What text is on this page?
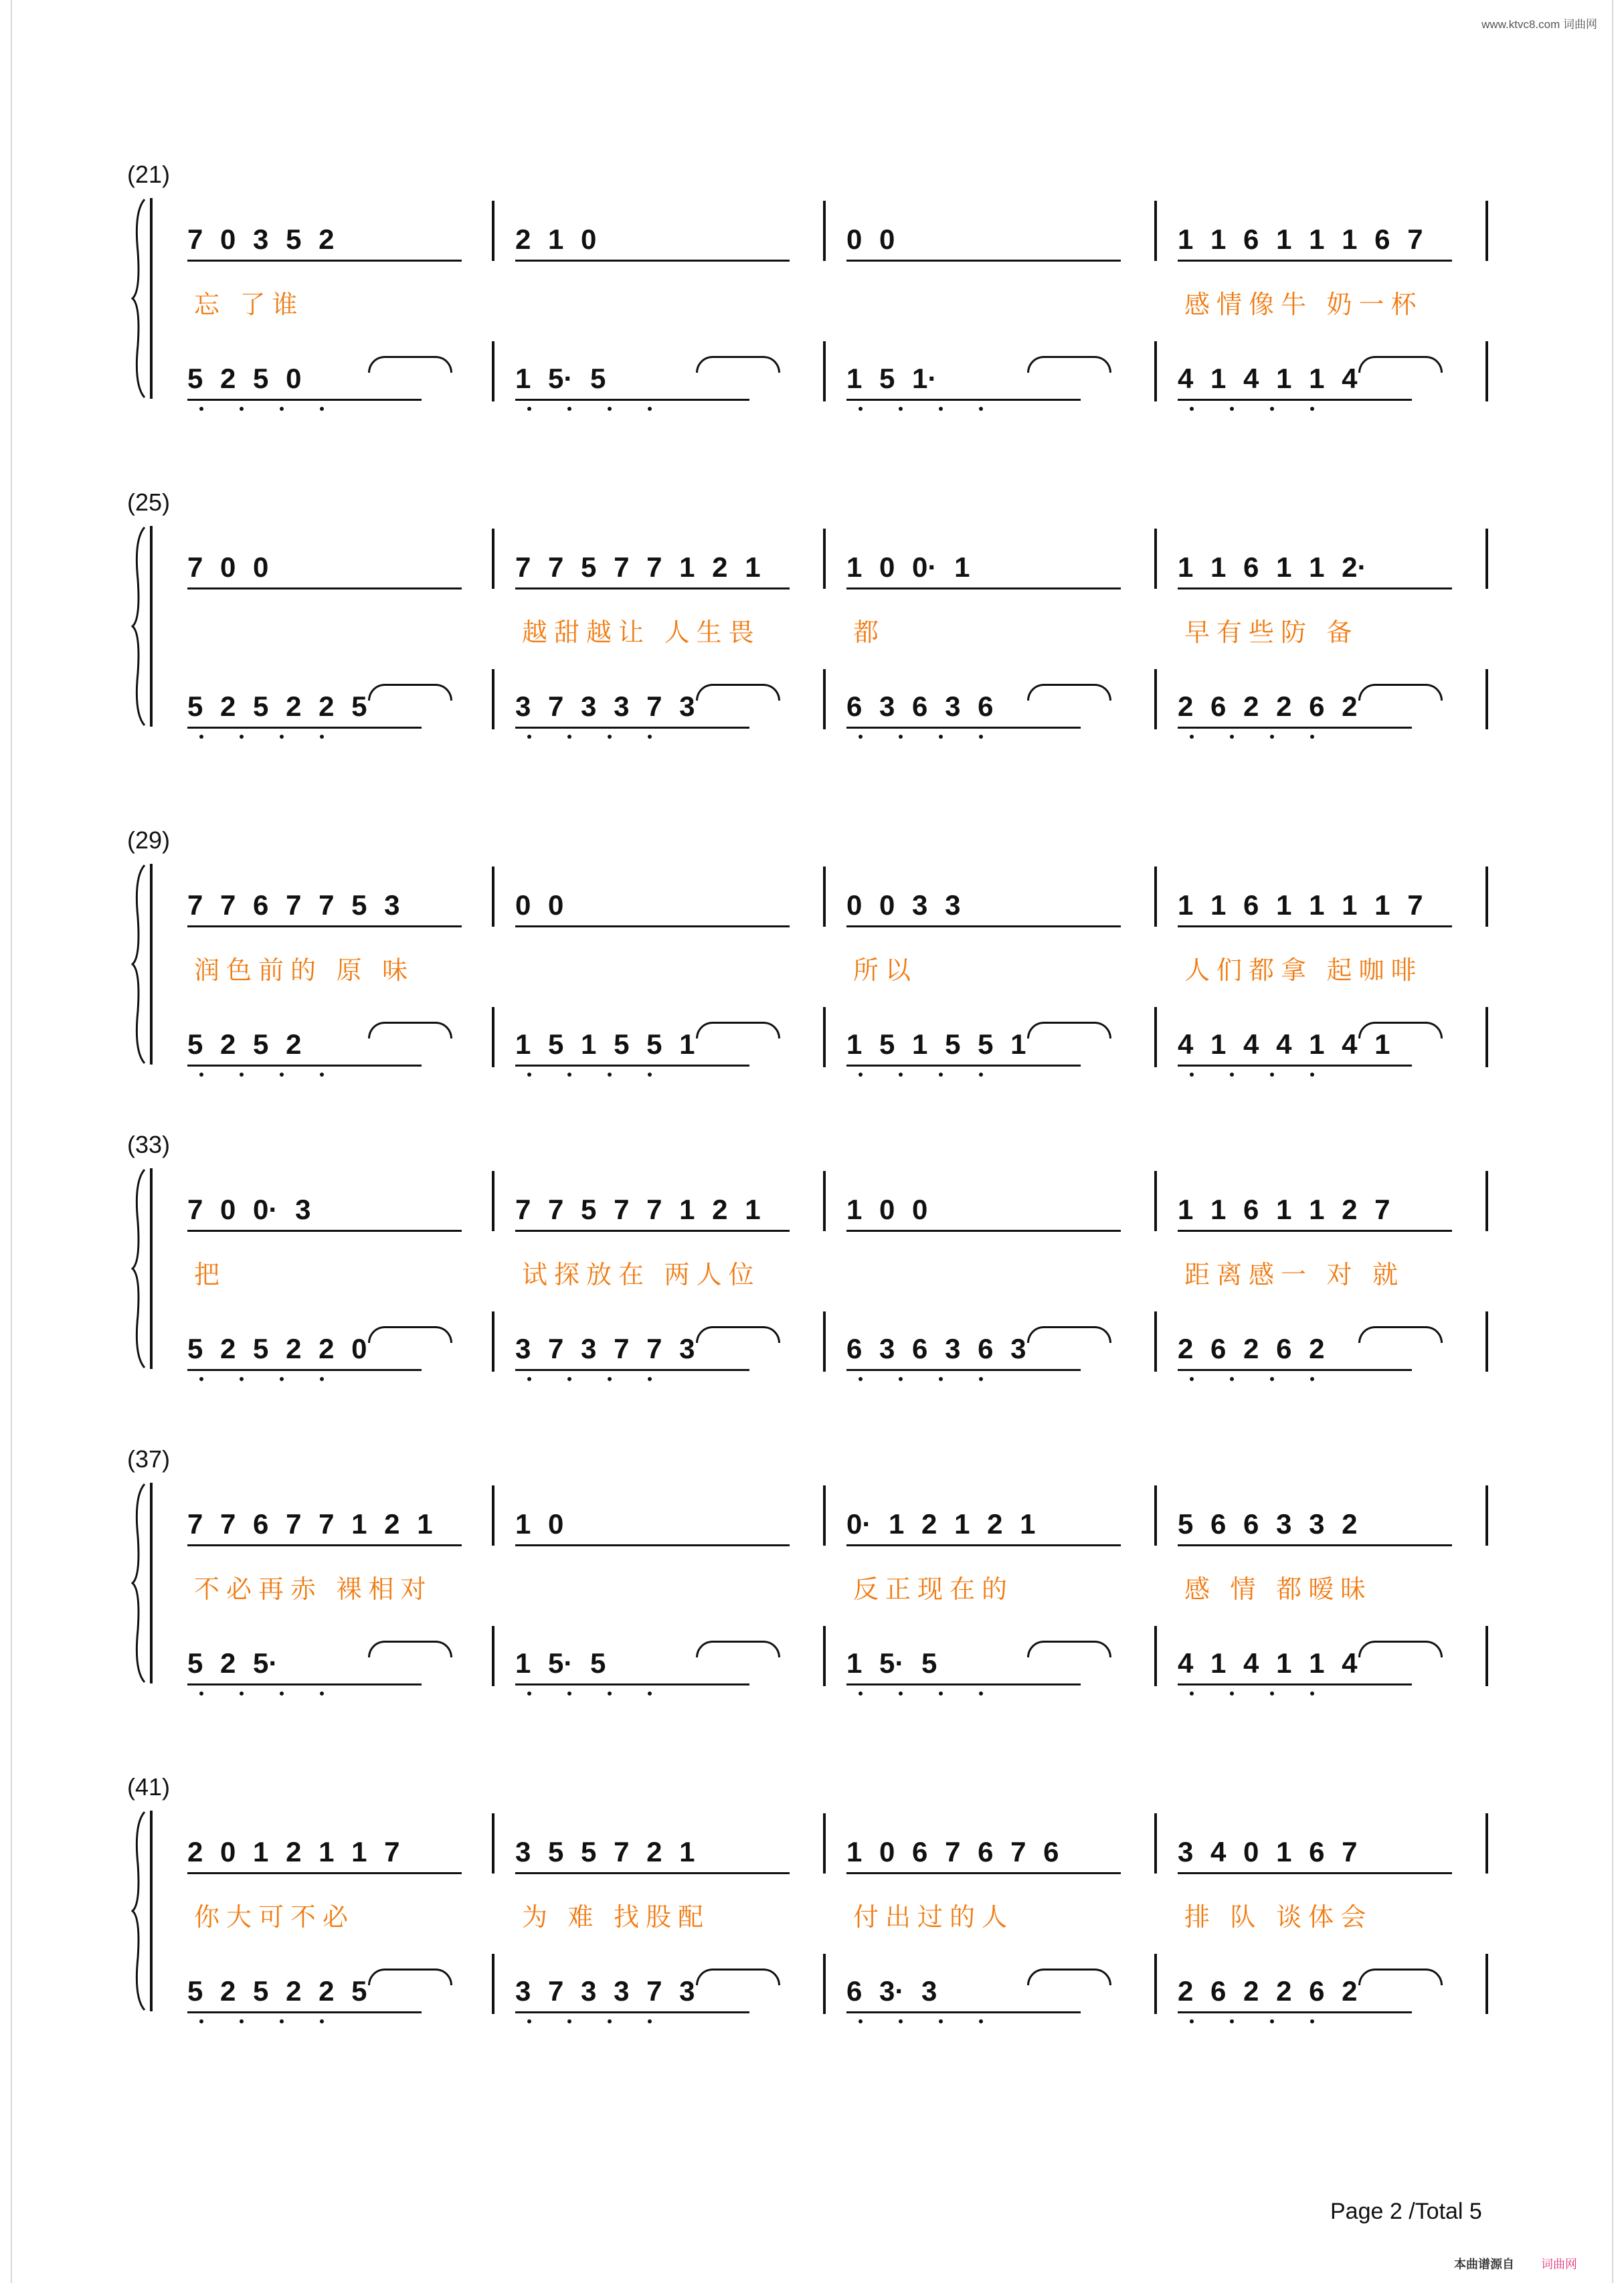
www.ktvc8.com 词曲网
(21)
7 0 3 5 2
忘 了谁
5 2 5 0
2 1 0
1 5· 5
0 0
1 5 1·
1 1 6 1 1 1 6 7
感情像牛 奶一杯
4 1 4 1 1 4
(25)
7 0 0
5 2 5 2 2 5
7 7 5 7 7 1 2 1
越甜越让 人生畏
3 7 3 3 7 3
1 0 0· 1
都
6 3 6 3 6
1 1 6 1 1 2·
早有些防 备
2 6 2 2 6 2
(29)
7 7 6 7 7 5 3
润色前的 原 味
5 2 5 2
0 0
1 5 1 5 5 1
0 0 3 3
所以
1 5 1 5 5 1
1 1 6 1 1 1 1 7
人们都拿 起咖啡
4 1 4 4 1 4 1
(33)
7 0 0· 3
把
5 2 5 2 2 0
7 7 5 7 7 1 2 1
试探放在 两人位
3 7 3 7 7 3
1 0 0
6 3 6 3 6 3
1 1 6 1 1 2 7
距离感一 对 就
2 6 2 6 2
(37)
7 7 6 7 7 1 2 1
不必再赤 裸相对
5 2 5·
1 0
1 5· 5
0· 1 2 1 2 1
反正现在的
1 5· 5
5 6 6 3 3 2
感 情 都暧昧
4 1 4 1 1 4
(41)
2 0 1 2 1 1 7
你大可不必
5 2 5 2 2 5
3 5 5 7 2 1
为 难 找股配
3 7 3 3 7 3
1 0 6 7 6 7 6
付出过的人
6 3· 3
3 4 0 1 6 7
排 队 谈体会
2 6 2 2 6 2
Page 2 /Total 5
本曲谱源自 词曲网
